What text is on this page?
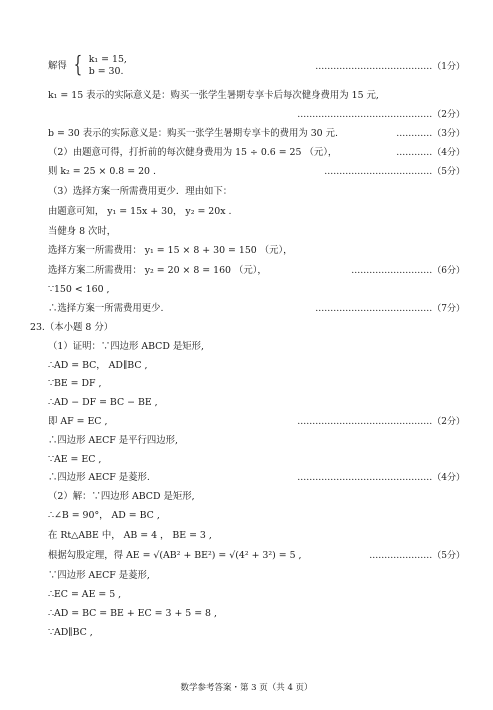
解得 { k₁ = 15,
b = 30.	…………………………………（1分）
k₁ = 15 表示的实际意义是：购买一张学生暑期专享卡后每次健身费用为 15 元,
………………………………………（2分）
b = 30 表示的实际意义是：购买一张学生暑期专享卡的费用为 30 元.	…………（3分）
（2）由题意可得，打折前的每次健身费用为 15 ÷ 0.6 = 25 （元），	…………（4分）
则 k₂ = 25 × 0.8 = 20 .	………………………………（5分）
（3）选择方案一所需费用更少．理由如下：
由题意可知， y₁ = 15x + 30， y₂ = 20x .
当健身 8 次时，
选择方案一所需费用： y₁ = 15 × 8 + 30 = 150 （元），
选择方案二所需费用： y₂ = 20 × 8 = 160 （元），	………………………（6分）
∵150 < 160 ,
∴选择方案一所需费用更少.	…………………………………（7分）
23.（本小题 8 分）
（1）证明：∵四边形 ABCD 是矩形,
∴AD = BC， AD∥BC ,
∵BE = DF ,
∴AD − DF = BC − BE ,
即 AF = EC ,	………………………………………（2分）
∴四边形 AECF 是平行四边形,
∵AE = EC ,
∴四边形 AECF 是菱形.	………………………………………（4分）
（2）解：∵四边形 ABCD 是矩形,
∴∠B = 90°， AD = BC ,
在 Rt△ABE 中， AB = 4 ， BE = 3 ,
根据勾股定理，得 AE = √(AB² + BE²) = √(4² + 3²) = 5 ,	…………………（5分）
∵四边形 AECF 是菱形,
∴EC = AE = 5 ,
∴AD = BC = BE + EC = 3 + 5 = 8 ,
∵AD∥BC ,
数学参考答案・第 3 页（共 4 页）
